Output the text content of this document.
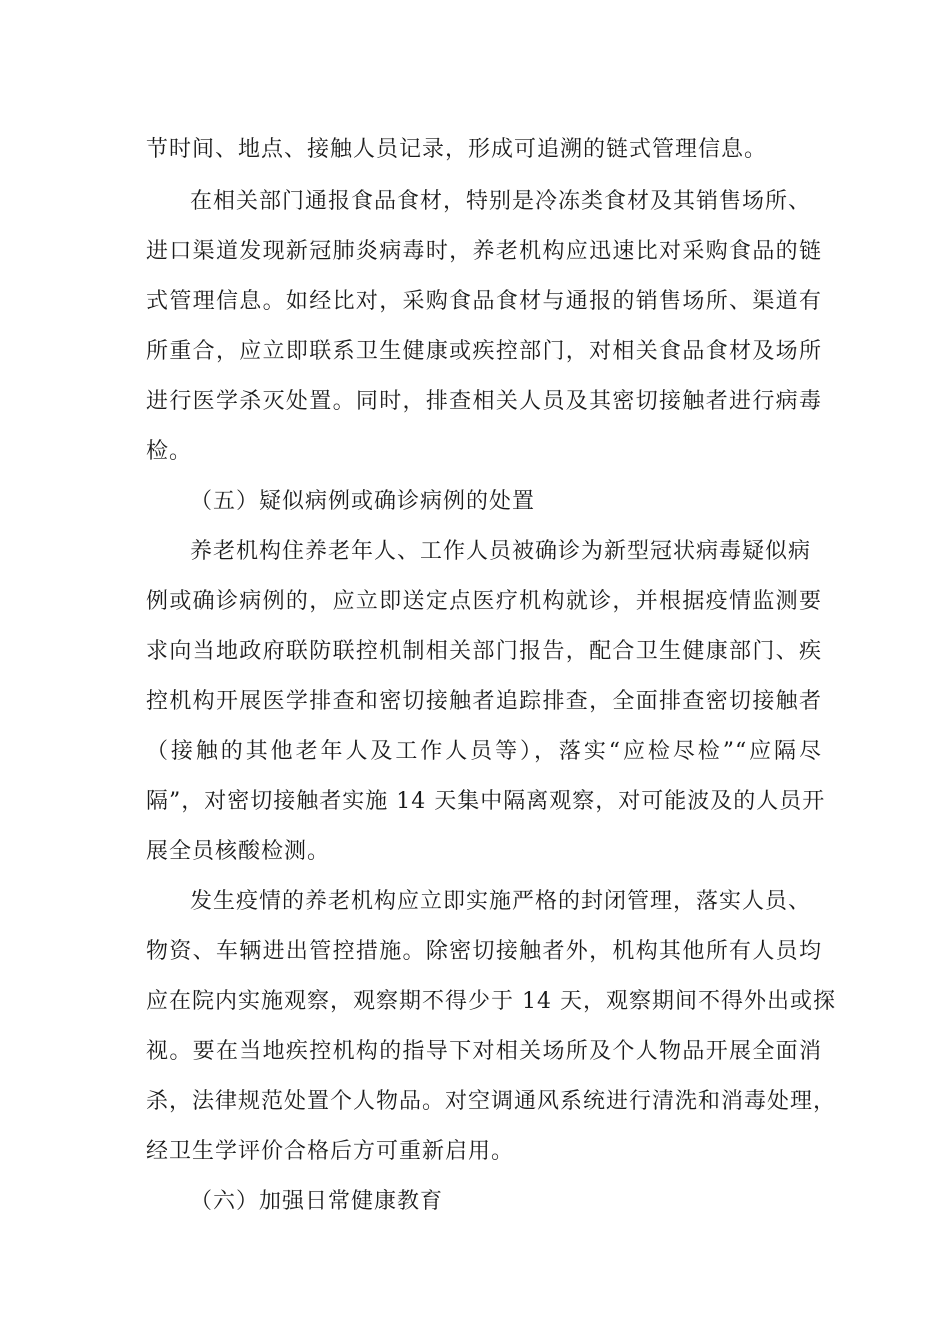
节时间、地点、接触人员记录，形成可追溯的链式管理信息。
在相关部门通报食品食材，特别是冷冻类食材及其销售场所、
进口渠道发现新冠肺炎病毒时，养老机构应迅速比对采购食品的链
式管理信息。如经比对，采购食品食材与通报的销售场所、渠道有
所重合，应立即联系卫生健康或疾控部门，对相关食品食材及场所
进行医学杀灭处置。同时，排查相关人员及其密切接触者进行病毒
检。
（五）疑似病例或确诊病例的处置
养老机构住养老年人、工作人员被确诊为新型冠状病毒疑似病
例或确诊病例的，应立即送定点医疗机构就诊，并根据疫情监测要
求向当地政府联防联控机制相关部门报告，配合卫生健康部门、疾
控机构开展医学排查和密切接触者追踪排查，全面排查密切接触者
（接触的其他老年人及工作人员等），落实“应检尽检”“应隔尽
隔”，对密切接触者实施 14 天集中隔离观察，对可能波及的人员开
展全员核酸检测。
发生疫情的养老机构应立即实施严格的封闭管理，落实人员、
物资、车辆进出管控措施。除密切接触者外，机构其他所有人员均
应在院内实施观察，观察期不得少于 14 天，观察期间不得外出或探
视。要在当地疾控机构的指导下对相关场所及个人物品开展全面消
杀，法律规范处置个人物品。对空调通风系统进行清洗和消毒处理，
经卫生学评价合格后方可重新启用。
（六）加强日常健康教育
